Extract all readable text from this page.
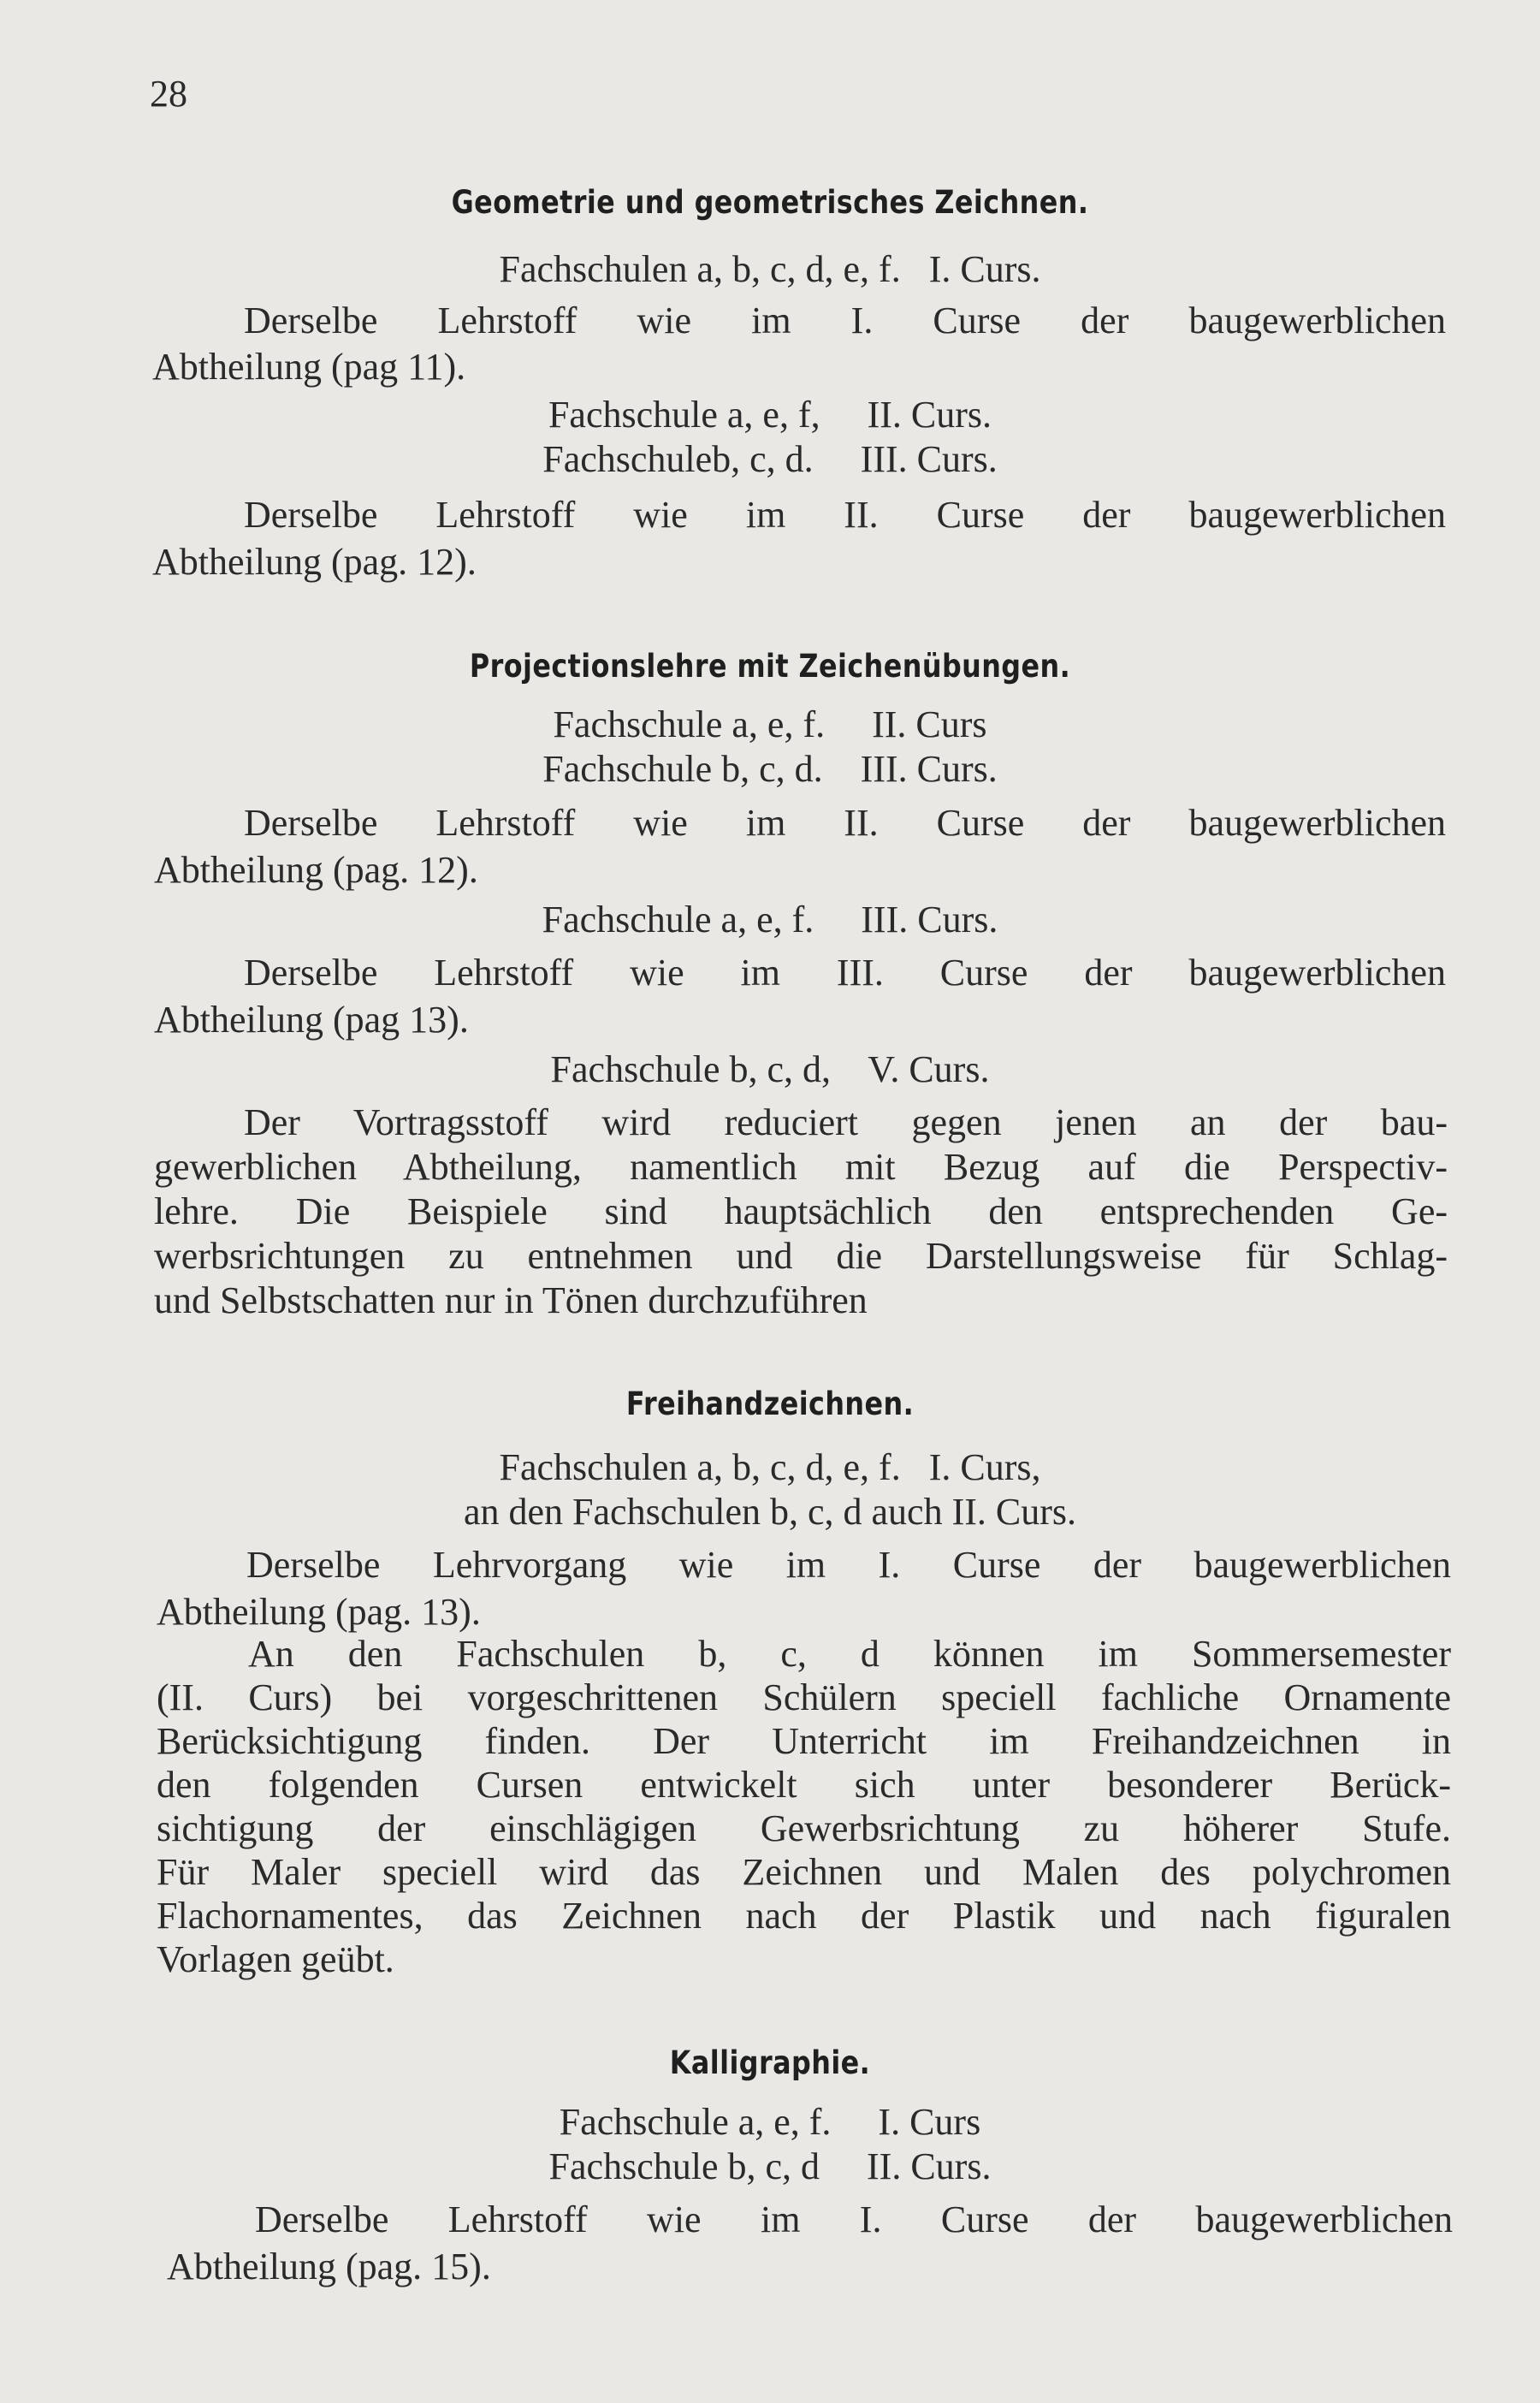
28
Geometrie und geometrisches Zeichnen.
Fachschulen a, b, c, d, e, f.   I. Curs.
Derselbe Lehrstoff wie im I. Curse der baugewerblichen
Abtheilung (pag 11).
Fachschule a, e, f,     II. Curs.
Fachschuleb, c, d.     III. Curs.
Derselbe Lehrstoff wie im II. Curse der baugewerblichen
Abtheilung (pag. 12).
Projectionslehre mit Zeichenübungen.
Fachschule a, e, f.     II. Curs
Fachschule b, c, d.    III. Curs.
Derselbe Lehrstoff wie im II. Curse der baugewerblichen
Abtheilung (pag. 12).
Fachschule a, e, f.     III. Curs.
Derselbe Lehrstoff wie im III. Curse der baugewerblichen
Abtheilung (pag 13).
Fachschule b, c, d,    V. Curs.
Der Vortragsstoff wird reduciert gegen jenen an der bau-
gewerblichen Abtheilung, namentlich mit Bezug auf die Perspectiv-
lehre. Die Beispiele sind hauptsächlich den entsprechenden Ge-
werbsrichtungen zu entnehmen und die Darstellungsweise für Schlag-
und Selbstschatten nur in Tönen durchzuführen
Freihandzeichnen.
Fachschulen a, b, c, d, e, f.   I. Curs,
an den Fachschulen b, c, d auch II. Curs.
Derselbe Lehrvorgang wie im I. Curse der baugewerblichen
Abtheilung (pag. 13).
An den Fachschulen b, c, d können im Sommersemester
(II. Curs) bei vorgeschrittenen Schülern speciell fachliche Ornamente
Berücksichtigung finden. Der Unterricht im Freihandzeichnen in
den folgenden Cursen entwickelt sich unter besonderer Berück-
sichtigung der einschlägigen Gewerbsrichtung zu höherer Stufe.
Für Maler speciell wird das Zeichnen und Malen des polychromen
Flachornamentes, das Zeichnen nach der Plastik und nach figuralen
Vorlagen geübt.
Kalligraphie.
Fachschule a, e, f.     I. Curs
Fachschule b, c, d     II. Curs.
Derselbe Lehrstoff wie im I. Curse der baugewerblichen
Abtheilung (pag. 15).
